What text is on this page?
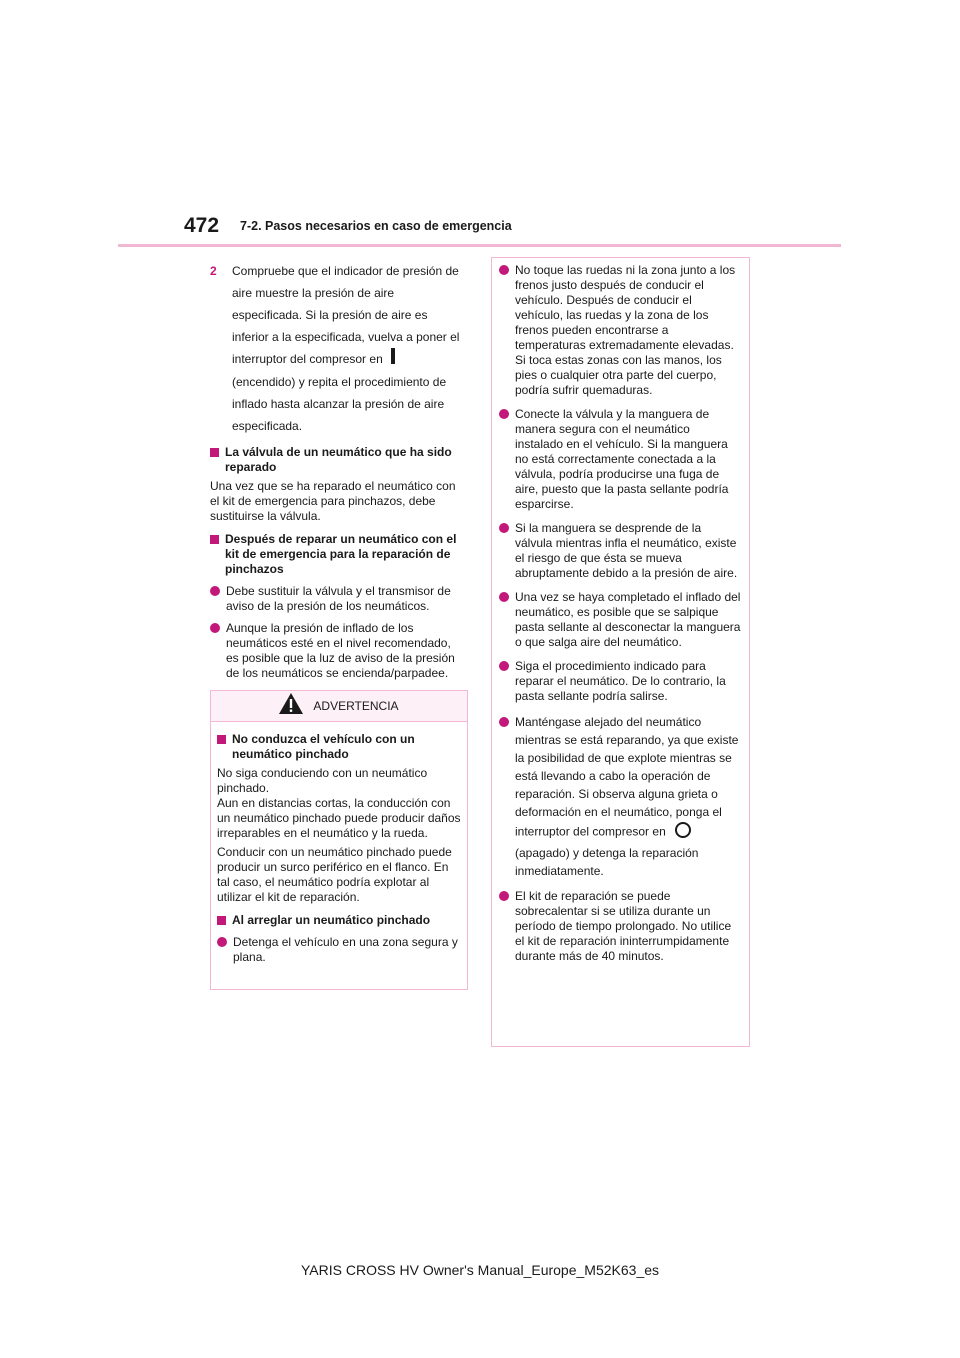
472 7-2. Pasos necesarios en caso de emergencia
2	Compruebe que el indicador de presión de aire muestre la presión de aire especificada. Si la presión de aire es inferior a la especificada, vuelva a poner el interruptor del compresor en(encendido) y repita el procedimiento de inflado hasta alcanzar la presión de aire especificada.
La válvula de un neumático que ha sido reparado
Una vez que se ha reparado el neumático con el kit de emergencia para pinchazos, debe sustituirse la válvula.
Después de reparar un neumático con el kit de emergencia para la reparación de pinchazos
Debe sustituir la válvula y el transmisor de aviso de la presión de los neumáticos.
Aunque la presión de inflado de los neumáticos esté en el nivel recomendado, es posible que la luz de aviso de la presión de los neumáticos se encienda/parpadee.
ADVERTENCIA
No conduzca el vehículo con un neumático pinchado
No siga conduciendo con un neumático pinchado.
Aun en distancias cortas, la conducción con un neumático pinchado puede producir daños irreparables en el neumático y la rueda.
Conducir con un neumático pinchado puede producir un surco periférico en el flanco. En tal caso, el neumático podría explotar al utilizar el kit de reparación.
Al arreglar un neumático pinchado
Detenga el vehículo en una zona segura y plana.
No toque las ruedas ni la zona junto a los frenos justo después de conducir el vehículo. Después de conducir el vehículo, las ruedas y la zona de los frenos pueden encontrarse a temperaturas extremadamente elevadas. Si toca estas zonas con las manos, los pies o cualquier otra parte del cuerpo, podría sufrir quemaduras.
Conecte la válvula y la manguera de manera segura con el neumático instalado en el vehículo. Si la manguera no está correctamente conectada a la válvula, podría producirse una fuga de aire, puesto que la pasta sellante podría esparcirse.
Si la manguera se desprende de la válvula mientras infla el neumático, existe el riesgo de que ésta se mueva abruptamente debido a la presión de aire.
Una vez se haya completado el inflado del neumático, es posible que se salpique pasta sellante al desconectar la manguera o que salga aire del neumático.
Siga el procedimiento indicado para reparar el neumático. De lo contrario, la pasta sellante podría salirse.
Manténgase alejado del neumático mientras se está reparando, ya que existe la posibilidad de que explote mientras se está llevando a cabo la operación de reparación. Si observa alguna grieta o deformación en el neumático, ponga el interruptor del compresor en(apagado) y detenga la reparación inmediatamente.
El kit de reparación se puede sobrecalentar si se utiliza durante un período de tiempo prolongado. No utilice el kit de reparación ininterrumpidamente durante más de 40 minutos.
YARIS CROSS HV Owner's Manual_Europe_M52K63_es
